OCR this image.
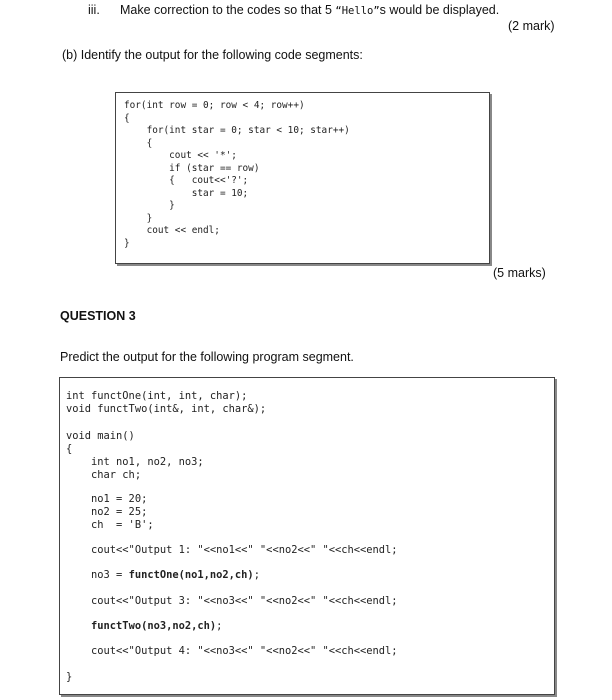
iii. Make correction to the codes so that 5 “Hello”s would be displayed.
(2 mark)
(b) Identify the output for the following code segments:
for(int row = 0; row < 4; row++)
{
for(int star = 0; star < 10; star++)
{
cout << '*';
if (star == row)
{   cout<<'?';
star = 10;
}
}
cout << endl;
}
(5 marks)
QUESTION 3
Predict the output for the following program segment.
int functOne(int, int, char);
void functTwo(int&, int, char&);
void main()
{
int no1, no2, no3;
char ch;
no1 = 20;
no2 = 25;
ch  = 'B';
cout<<"Output 1: "<<no1<<" "<<no2<<" "<<ch<<endl;
no3 = functOne(no1,no2,ch);
cout<<"Output 3: "<<no3<<" "<<no2<<" "<<ch<<endl;
functTwo(no3,no2,ch);
cout<<"Output 4: "<<no3<<" "<<no2<<" "<<ch<<endl;
}
